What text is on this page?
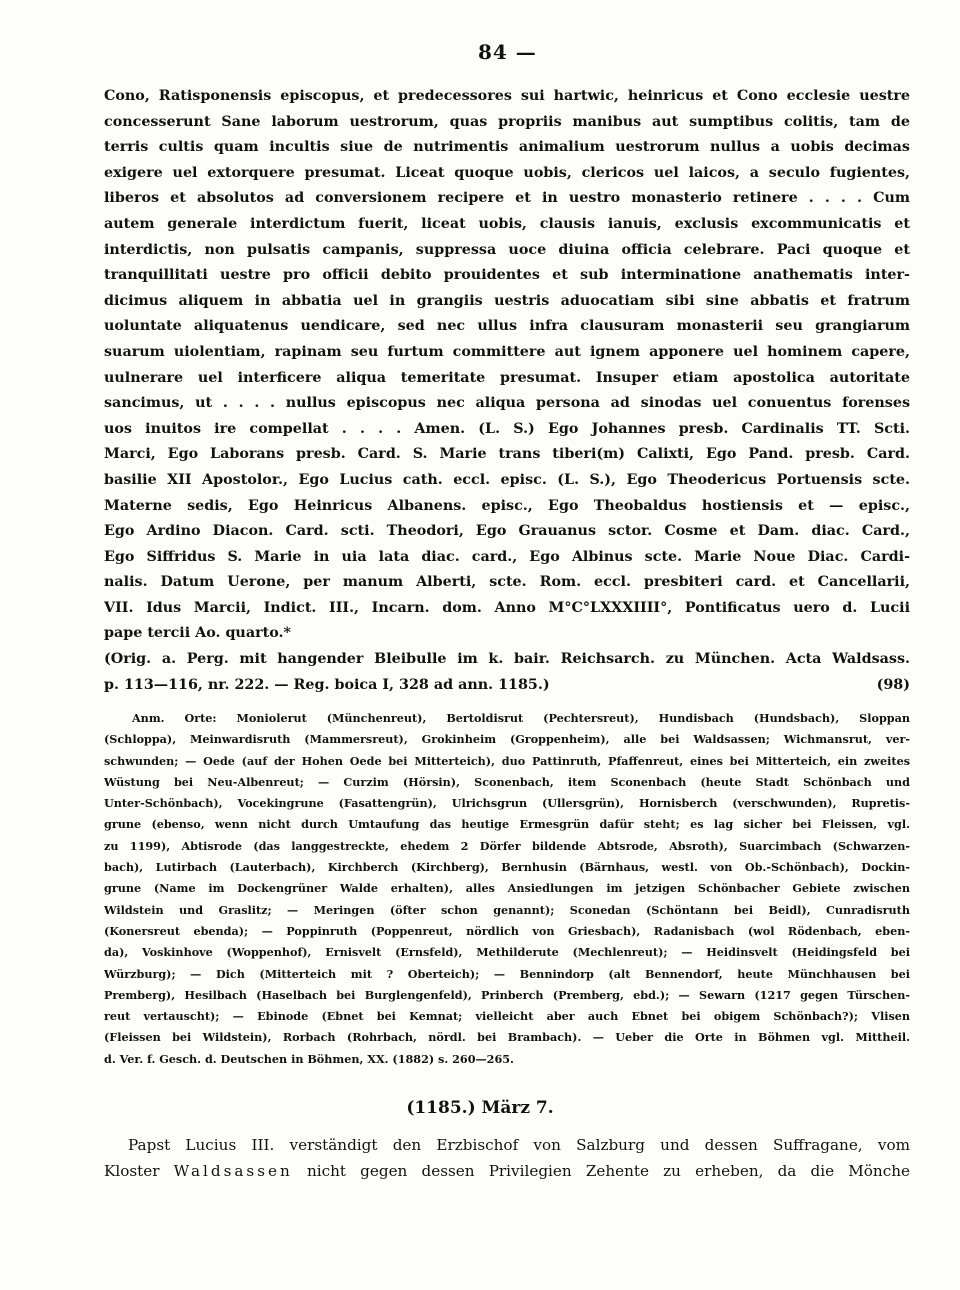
84 —
Cono, Ratisponensis episcopus, et predecessores sui hartwic, heinricus et Cono ecclesie uestre
concesserunt Sane laborum uestrorum, quas propriis manibus aut sumptibus colitis, tam de
terris cultis quam incultis siue de nutrimentis animalium uestrorum nullus a uobis decimas
exigere uel extorquere presumat. Liceat quoque uobis, clericos uel laicos, a seculo fugientes,
liberos et absolutos ad conversionem recipere et in uestro monasterio retinere . . . . Cum
autem generale interdictum fuerit, liceat uobis, clausis ianuis, exclusis excommunicatis et
interdictis, non pulsatis campanis, suppressa uoce diuina officia celebrare. Paci quoque et
tranquillitati uestre pro officii debito prouidentes et sub interminatione anathematis inter-
dicimus aliquem in abbatia uel in grangiis uestris aduocatiam sibi sine abbatis et fratrum
uoluntate aliquatenus uendicare, sed nec ullus infra clausuram monasterii seu grangiarum
suarum uiolentiam, rapinam seu furtum committere aut ignem apponere uel hominem capere,
uulnerare uel interficere aliqua temeritate presumat. Insuper etiam apostolica autoritate
sancimus, ut . . . . nullus episcopus nec aliqua persona ad sinodas uel conuentus forenses
uos inuitos ire compellat . . . . Amen. (L. S.) Ego Johannes presb. Cardinalis TT. Scti.
Marci, Ego Laborans presb. Card. S. Marie trans tiberi(m) Calixti, Ego Pand. presb. Card.
basilie XII Apostolor., Ego Lucius cath. eccl. episc. (L. S.), Ego Theodericus Portuensis scte.
Materne sedis, Ego Heinricus Albanens. episc., Ego Theobaldus hostiensis et — episc.,
Ego Ardino Diacon. Card. scti. Theodori, Ego Grauanus sctor. Cosme et Dam. diac. Card.,
Ego Siffridus S. Marie in uia lata diac. card., Ego Albinus scte. Marie Noue Diac. Cardi-
nalis. Datum Uerone, per manum Alberti, scte. Rom. eccl. presbiteri card. et Cancellarii,
VII. Idus Marcii, Indict. III., Incarn. dom. Anno M°C°LXXXIIII°, Pontificatus uero d. Lucii
pape tercii Ao. quarto.*
(Orig. a. Perg. mit hangender Bleibulle im k. bair. Reichsarch. zu München. Acta Waldsass.
p. 113—116, nr. 222. — Reg. boica I, 328 ad ann. 1185.)	(98)
Anm. Orte: Moniolerut (Münchenreut), Bertoldisrut (Pechtersreut), Hundisbach (Hundsbach), Sloppan
(Schloppa), Meinwardisruth (Mammersreut), Grokinheim (Groppenheim), alle bei Waldsassen; Wichmansrut, ver-
schwunden; — Oede (auf der Hohen Oede bei Mitterteich), duo Pattinruth, Pfaffenreut, eines bei Mitterteich, ein zweites
Wüstung bei Neu-Albenreut; — Curzim (Hörsin), Sconenbach, item Sconenbach (heute Stadt Schönbach und
Unter-Schönbach), Vocekingrune (Fasattengrün), Ulrichsgrun (Ullersgrün), Hornisberch (verschwunden), Rupretis-
grune (ebenso, wenn nicht durch Umtaufung das heutige Ermesgrün dafür steht; es lag sicher bei Fleissen, vgl.
zu 1199), Abtisrode (das langgestreckte, ehedem 2 Dörfer bildende Abtsrode, Absroth), Suarcimbach (Schwarzen-
bach), Lutirbach (Lauterbach), Kirchberch (Kirchberg), Bernhusin (Bärnhaus, westl. von Ob.-Schönbach), Dockin-
grune (Name im Dockengrüner Walde erhalten), alles Ansiedlungen im jetzigen Schönbacher Gebiete zwischen
Wildstein und Graslitz; — Meringen (öfter schon genannt); Sconedan (Schöntann bei Beidl), Cunradisruth
(Konersreut ebenda); — Poppinruth (Poppenreut, nördlich von Griesbach), Radanisbach (wol Rödenbach, eben-
da), Voskinhove (Woppenhof), Ernisvelt (Ernsfeld), Methilderute (Mechlenreut); — Heidinsvelt (Heidingsfeld bei
Würzburg); — Dich (Mitterteich mit ? Oberteich); — Bennindorp (alt Bennendorf, heute Münchhausen bei
Premberg), Hesilbach (Haselbach bei Burglengenfeld), Prinberch (Premberg, ebd.); — Sewarn (1217 gegen Türschen-
reut vertauscht); — Ebinode (Ebnet bei Kemnat; vielleicht aber auch Ebnet bei obigem Schönbach?); Vlisen
(Fleissen bei Wildstein), Rorbach (Rohrbach, nördl. bei Brambach). — Ueber die Orte in Böhmen vgl. Mittheil.
d. Ver. f. Gesch. d. Deutschen in Böhmen, XX. (1882) s. 260—265.
(1185.) März 7.
Papst Lucius III. verständigt den Erzbischof von Salzburg und dessen Suffragane, vom
Kloster Waldsassen nicht gegen dessen Privilegien Zehente zu erheben, da die Mönche
